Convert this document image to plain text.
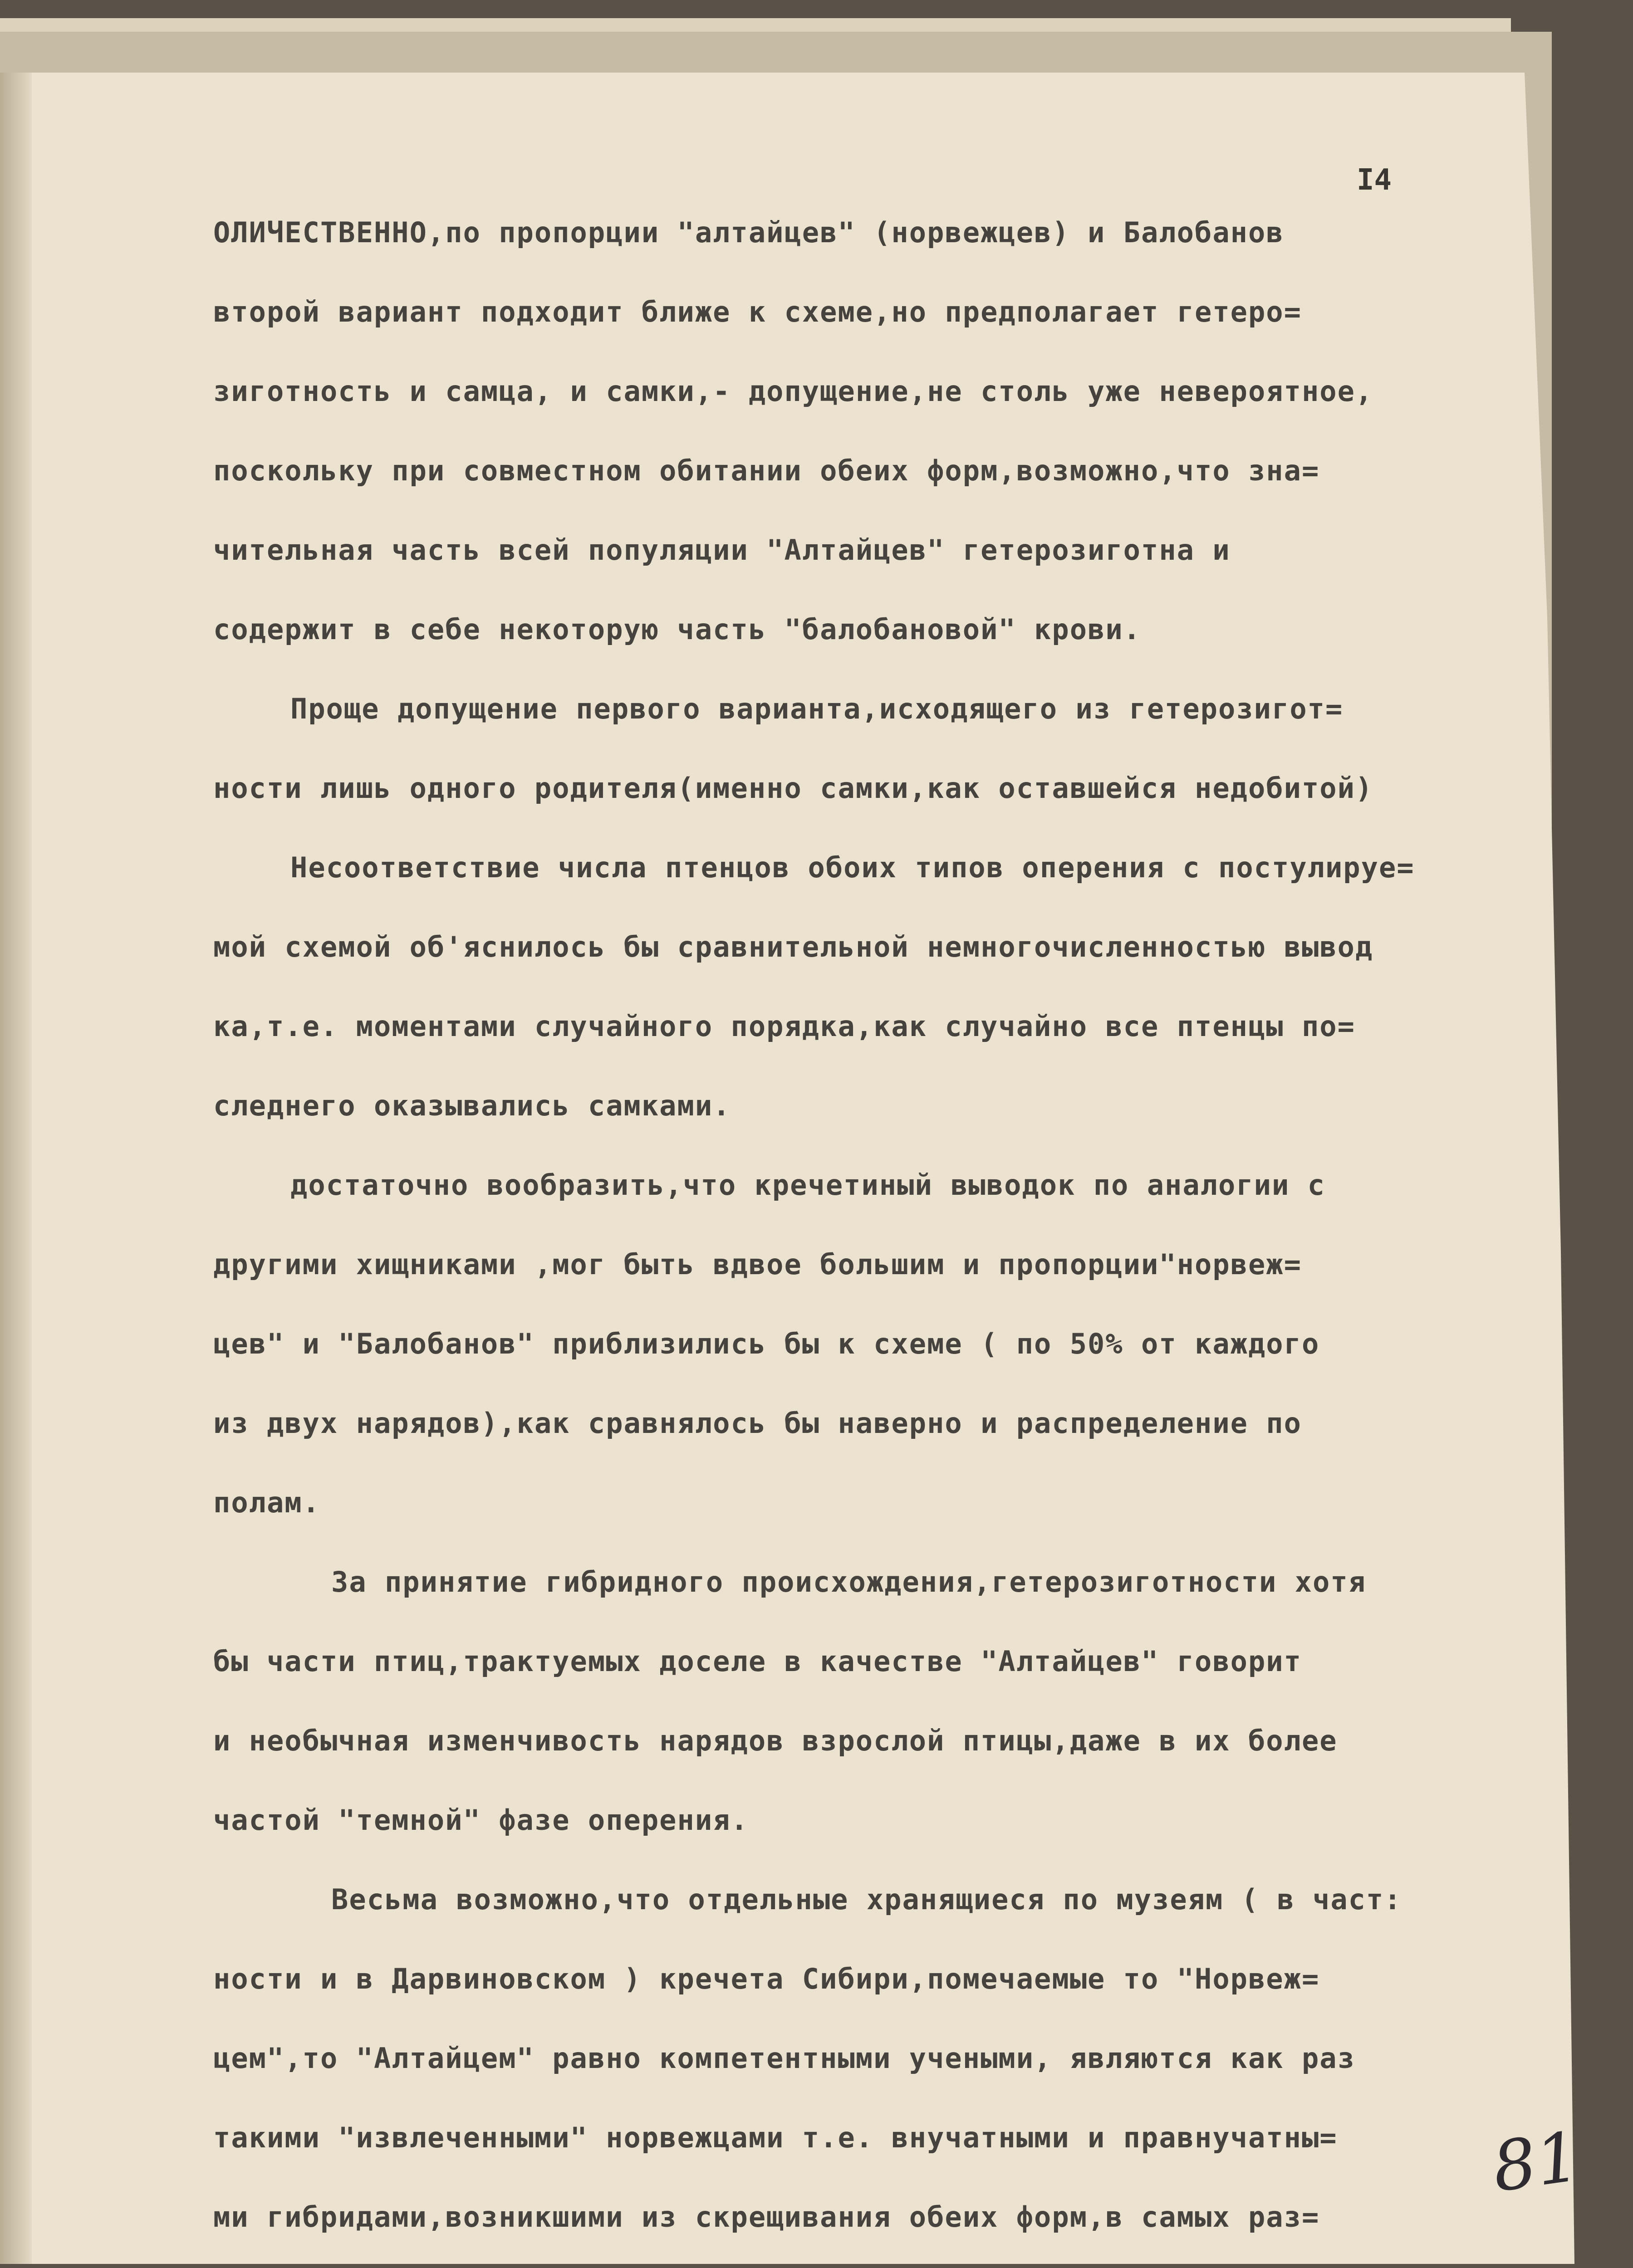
I4
ОЛИЧЕСТВЕННО,по пропорции "алтайцев" (норвежцев) и Балобанов
второй вариант подходит ближе к схеме,но предполагает гетеро=
зиготность и самца, и самки,- допущение,не столь уже невероятное,
поскольку при совместном обитании обеих форм,возможно,что зна=
чительная часть всей популяции "Алтайцев" гетерозиготна и
содержит в себе некоторую часть "балобановой" крови.
Проще допущение первого варианта,исходящего из гетерозигот=
ности лишь одного родителя(именно самки,как оставшейся недобитой)
Несоответствие числа птенцов обоих типов оперения с постулируе=
мой схемой об'яснилось бы сравнительной немногочисленностью вывод
ка,т.е. моментами случайного порядка,как случайно все птенцы по=
следнего оказывались самками.
достаточно вообразить,что кречетиный выводок по аналогии с
другими хищниками ,мог быть вдвое большим и пропорции"норвеж=
цев" и "Балобанов" приблизились бы к схеме ( по 50% от каждого
из двух нарядов),как сравнялось бы наверно и распределение по
полам.
За принятие гибридного происхождения,гетерозиготности хотя
бы части птиц,трактуемых доселе в качестве "Алтайцев" говорит
и необычная изменчивость нарядов взрослой птицы,даже в их более
частой "темной" фазе оперения.
Весьма возможно,что отдельные хранящиеся по музеям ( в част:
ности и в Дарвиновском ) кречета Сибири,помечаемые то "Норвеж=
цем",то "Алтайцем" равно компетентными учеными, являются как раз
такими "извлеченными" норвежцами т.е. внучатными и правнучатны=
ми гибридами,возникшими из скрещивания обеих форм,в самых раз=
81
